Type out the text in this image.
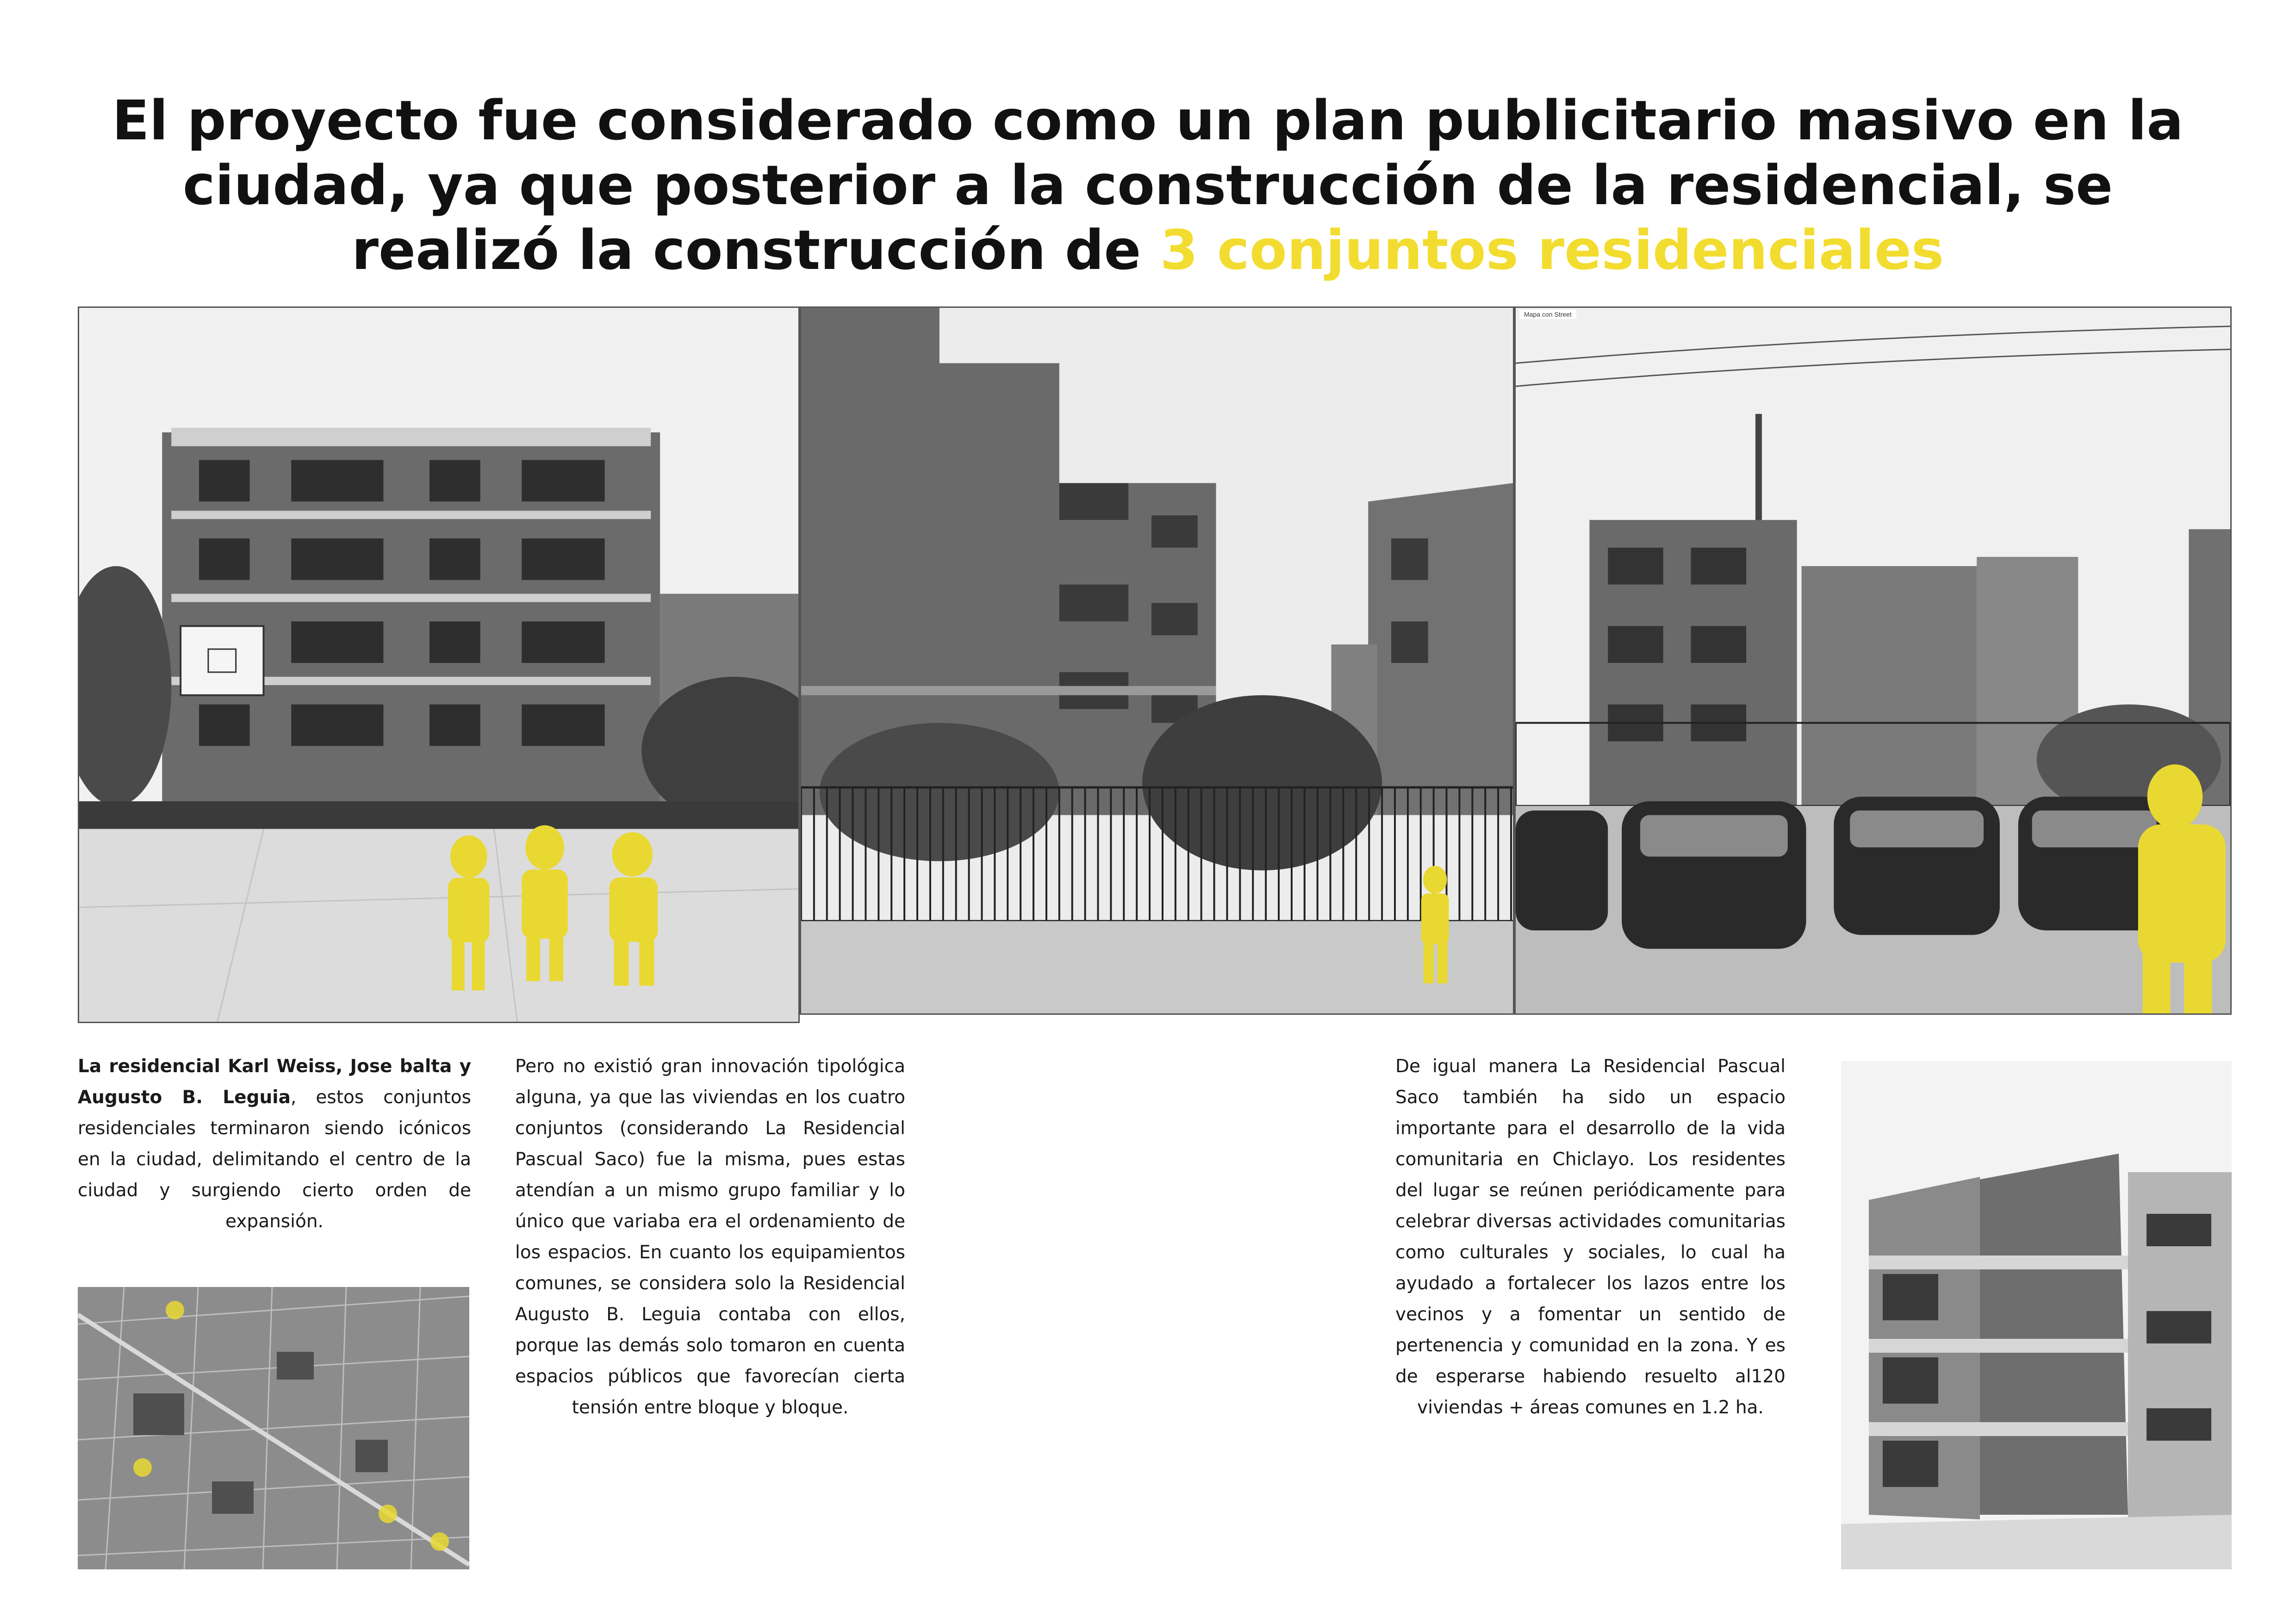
El proyecto fue considerado como un plan publicitario masivo en la ciudad, ya que posterior a la construcción de la residencial, se realizó la construcción de 3 conjuntos residenciales
Mapa con Street
La residencial Karl Weiss, Jose balta y Augusto B. Leguia, estos conjuntos residenciales terminaron siendo icónicos en la ciudad, delimitando el centro de la ciudad y surgiendo cierto orden de expansión.
Pero no existió gran innovación tipológica alguna, ya que las viviendas en los cuatro conjuntos (considerando La Residencial Pascual Saco) fue la misma, pues estas atendían a un mismo grupo familiar y lo único que variaba era el ordenamiento de los espacios. En cuanto los equipamientos comunes, se considera solo la Residencial Augusto B. Leguia contaba con ellos, porque las demás solo tomaron en cuenta espacios públicos que favorecían cierta tensión entre bloque y bloque.
De igual manera La Residencial Pascual Saco también ha sido un espacio importante para el desarrollo de la vida comunitaria en Chiclayo. Los residentes del lugar se reúnen periódicamente para celebrar diversas actividades comunitarias como culturales y sociales, lo cual ha ayudado a fortalecer los lazos entre los vecinos y a fomentar un sentido de pertenencia y comunidad en la zona. Y es de esperarse habiendo resuelto al120 viviendas + áreas comunes en 1.2 ha.
